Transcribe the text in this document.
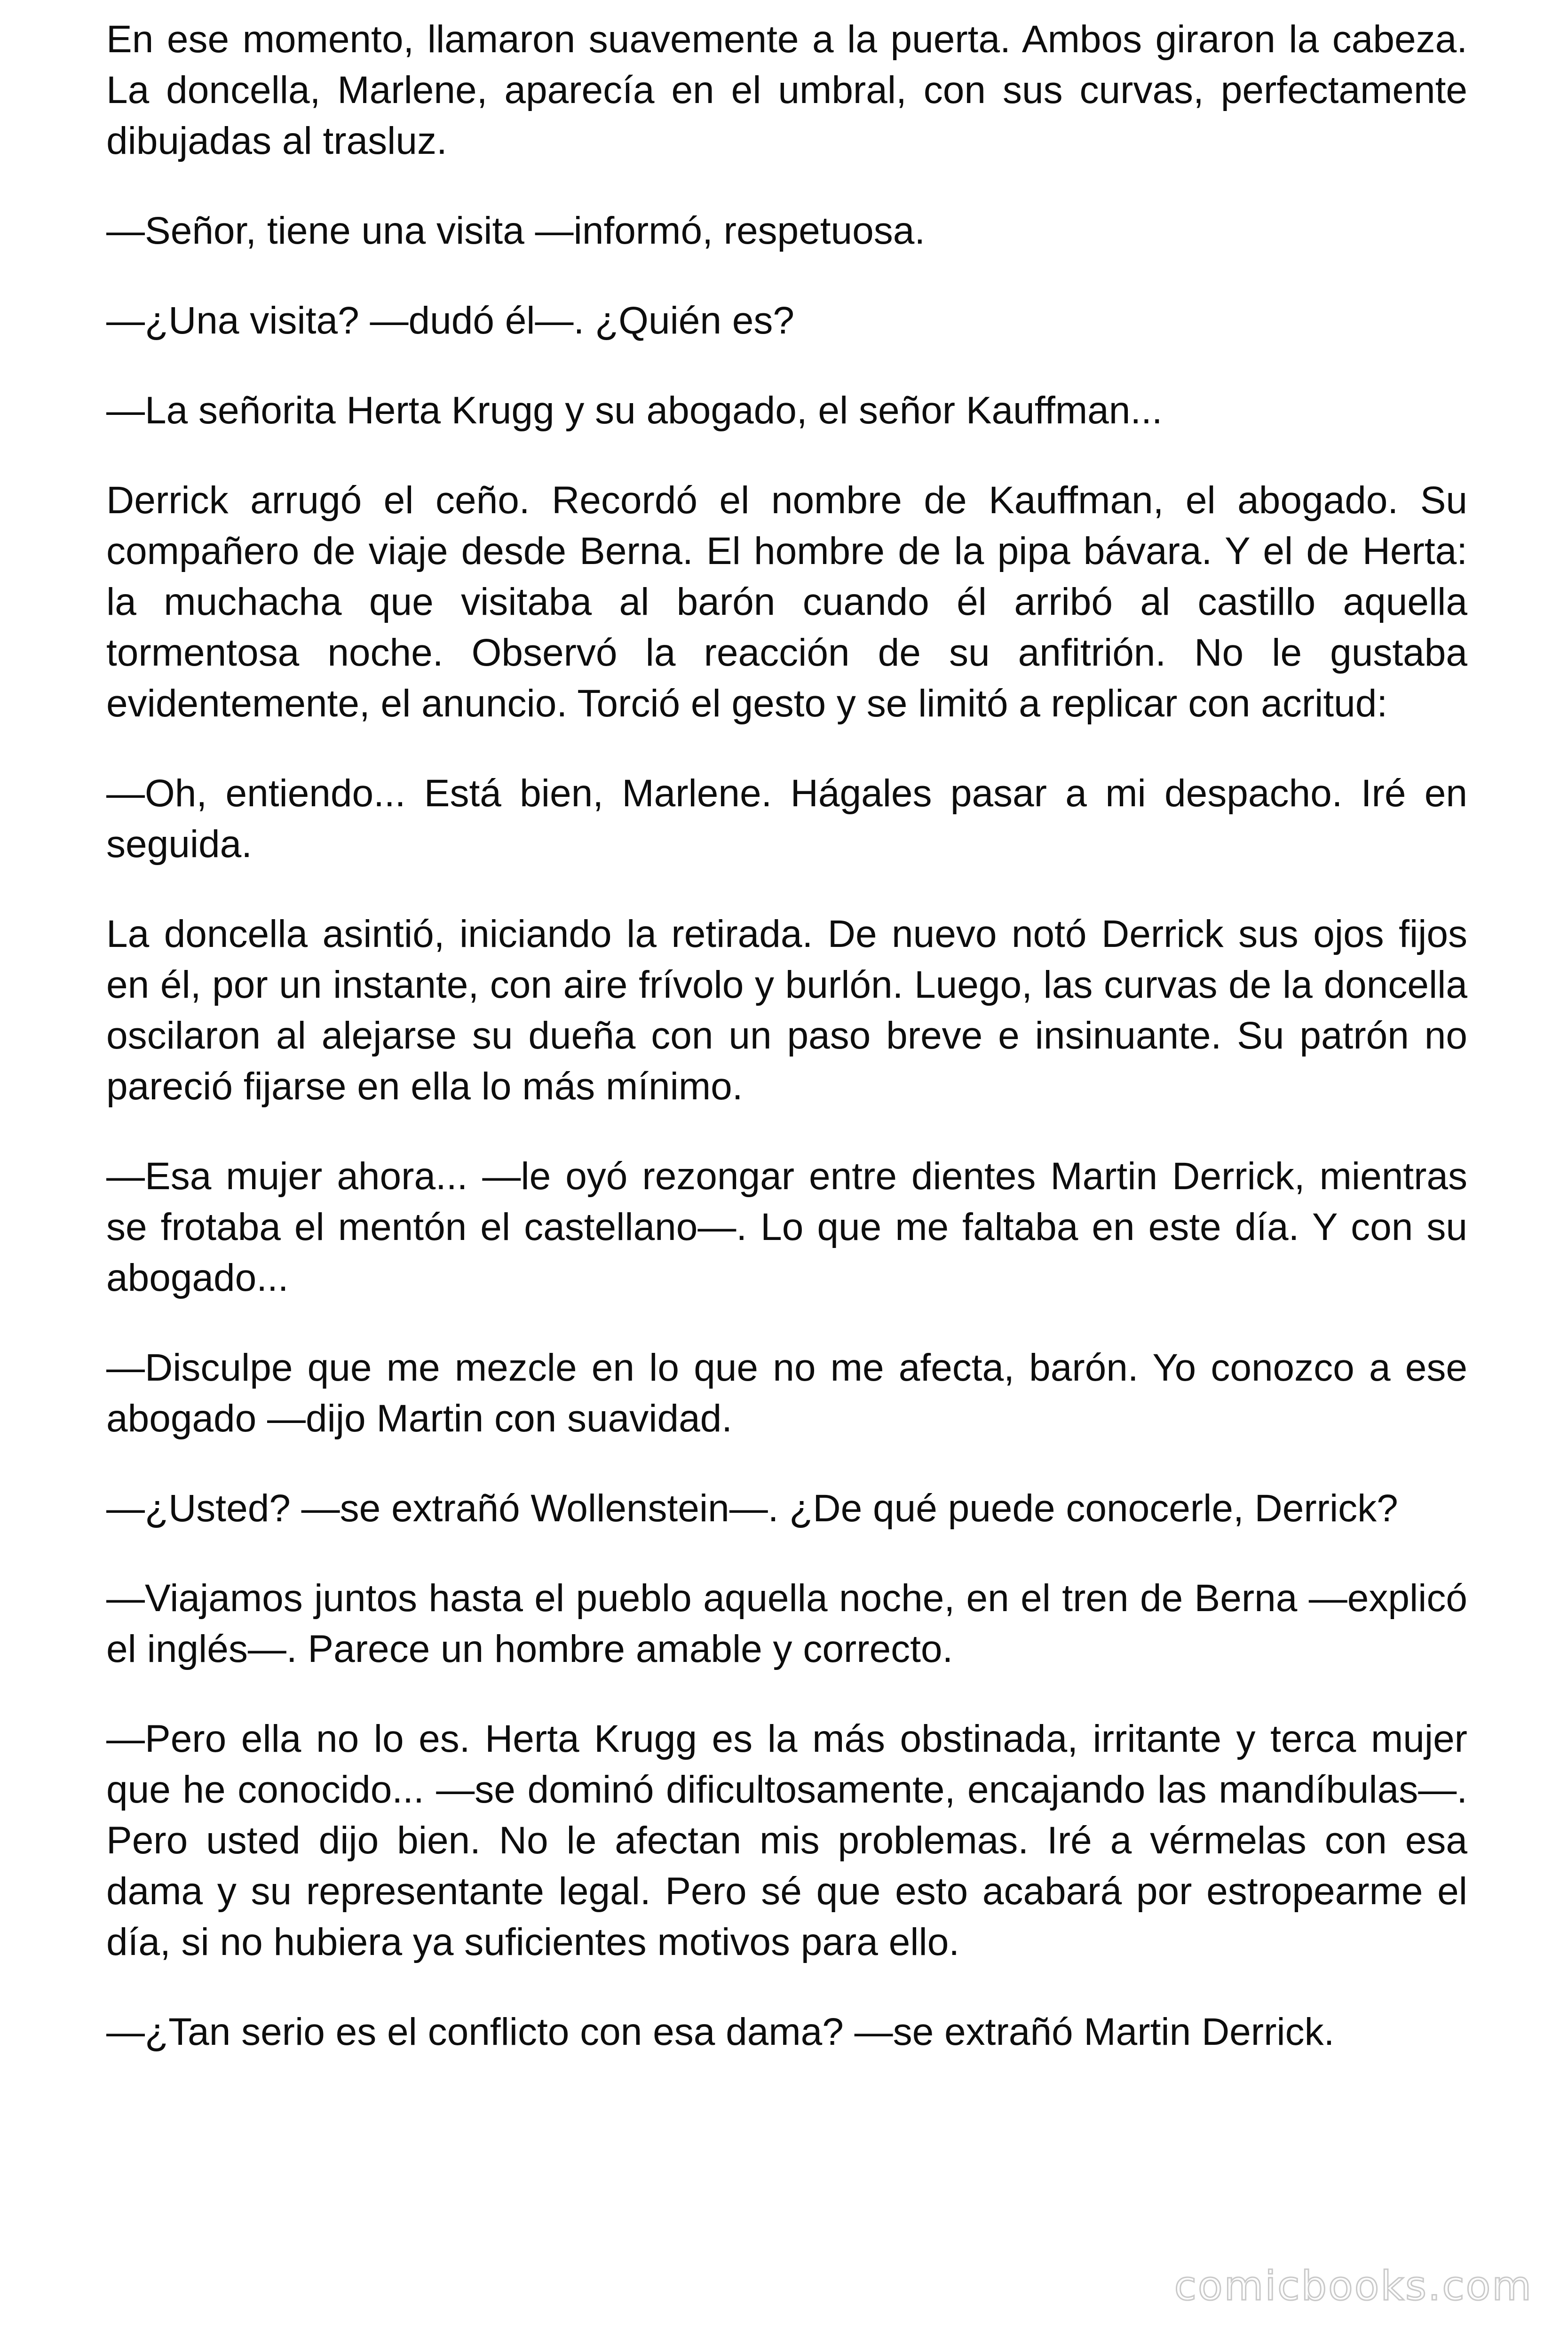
En ese momento, llamaron suavemente a la puerta. Ambos giraron la cabeza. La doncella, Marlene, aparecía en el umbral, con sus curvas, perfectamente dibujadas al trasluz.

—Señor, tiene una visita —informó, respetuosa.

—¿Una visita? —dudó él—. ¿Quién es?

—La señorita Herta Krugg y su abogado, el señor Kauffman...

Derrick arrugó el ceño. Recordó el nombre de Kauffman, el abogado. Su compañero de viaje desde Berna. El hombre de la pipa bávara. Y el de Herta: la muchacha que visitaba al barón cuando él arribó al castillo aquella tormentosa noche. Observó la reacción de su anfitrión. No le gustaba evidentemente, el anuncio. Torció el gesto y se limitó a replicar con acritud:

—Oh, entiendo... Está bien, Marlene. Hágales pasar a mi despacho. Iré en seguida.

La doncella asintió, iniciando la retirada. De nuevo notó Derrick sus ojos fijos en él, por un instante, con aire frívolo y burlón. Luego, las curvas de la doncella oscilaron al alejarse su dueña con un paso breve e insinuante. Su patrón no pareció fijarse en ella lo más mínimo.

—Esa mujer ahora... —le oyó rezongar entre dientes Martin Derrick, mientras se frotaba el mentón el castellano—. Lo que me faltaba en este día. Y con su abogado...

—Disculpe que me mezcle en lo que no me afecta, barón. Yo conozco a ese abogado —dijo Martin con suavidad.

—¿Usted? —se extrañó Wollenstein—. ¿De qué puede conocerle, Derrick?

—Viajamos juntos hasta el pueblo aquella noche, en el tren de Berna —explicó el inglés—. Parece un hombre amable y correcto.

—Pero ella no lo es. Herta Krugg es la más obstinada, irritante y terca mujer que he conocido... —se dominó dificultosamente, encajando las mandíbulas—. Pero usted dijo bien. No le afectan mis problemas. Iré a vérmelas con esa dama y su representante legal. Pero sé que esto acabará por estropearme el día, si no hubiera ya suficientes motivos para ello.

—¿Tan serio es el conflicto con esa dama? —se extrañó Martin Derrick.

comicbooks.com
